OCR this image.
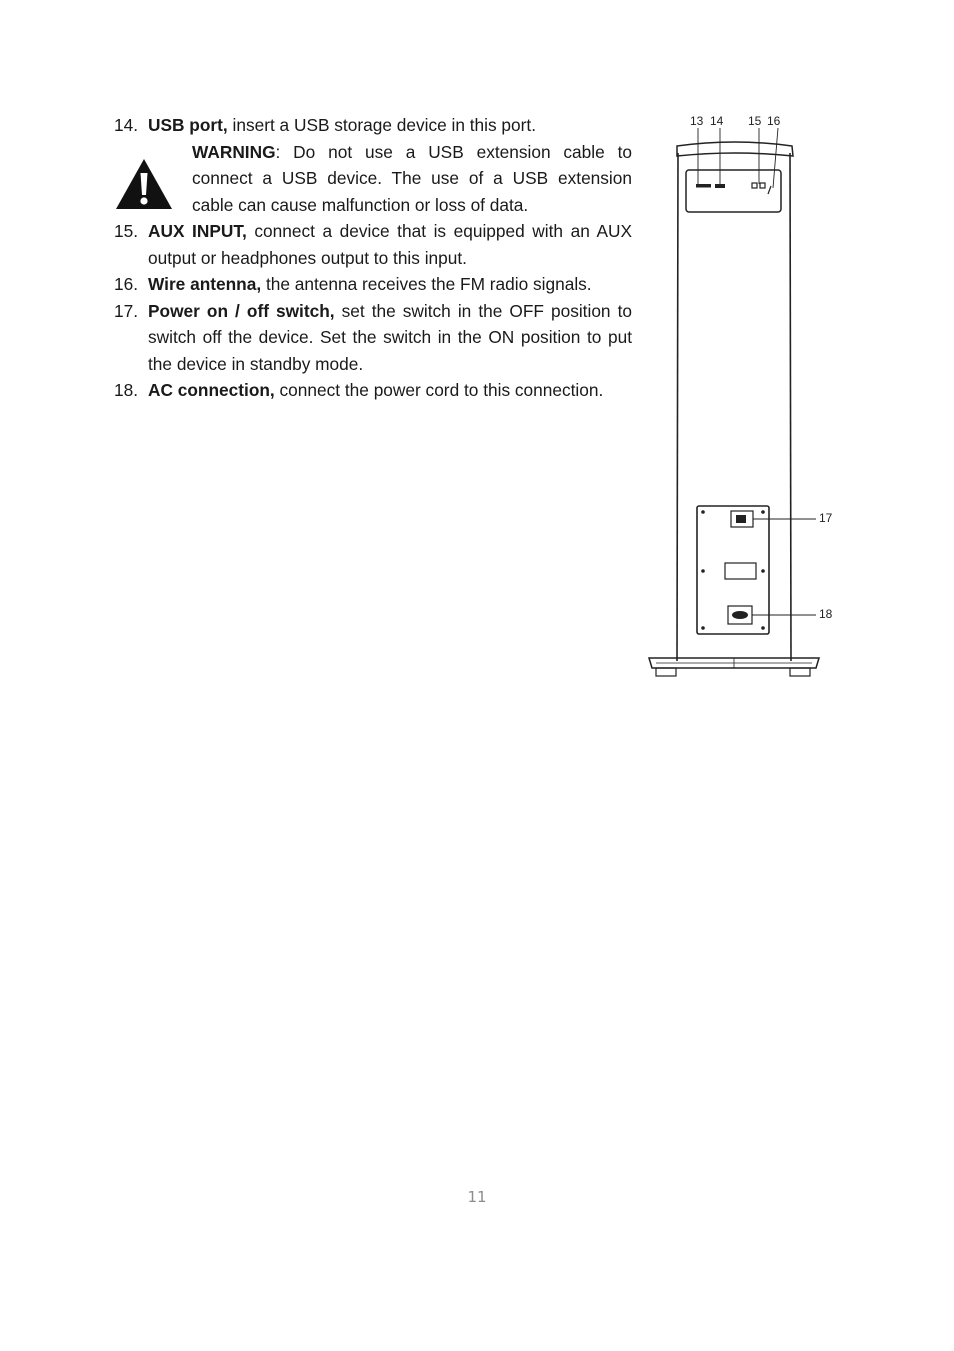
14. USB port, insert a USB storage device in this port.
WARNING: Do not use a USB extension cable to connect a USB device. The use of a USB extension cable can cause malfunction or loss of data.
15. AUX INPUT, connect a device that is equipped with an AUX output or headphones output to this input.
16. Wire antenna, the antenna receives the FM radio signals.
17. Power on / off switch, set the switch in the OFF position to switch off the device. Set the switch in the ON position to put the device in standby mode.
18. AC connection, connect the power cord to this connection.
13 14 15 16
17
18
11
